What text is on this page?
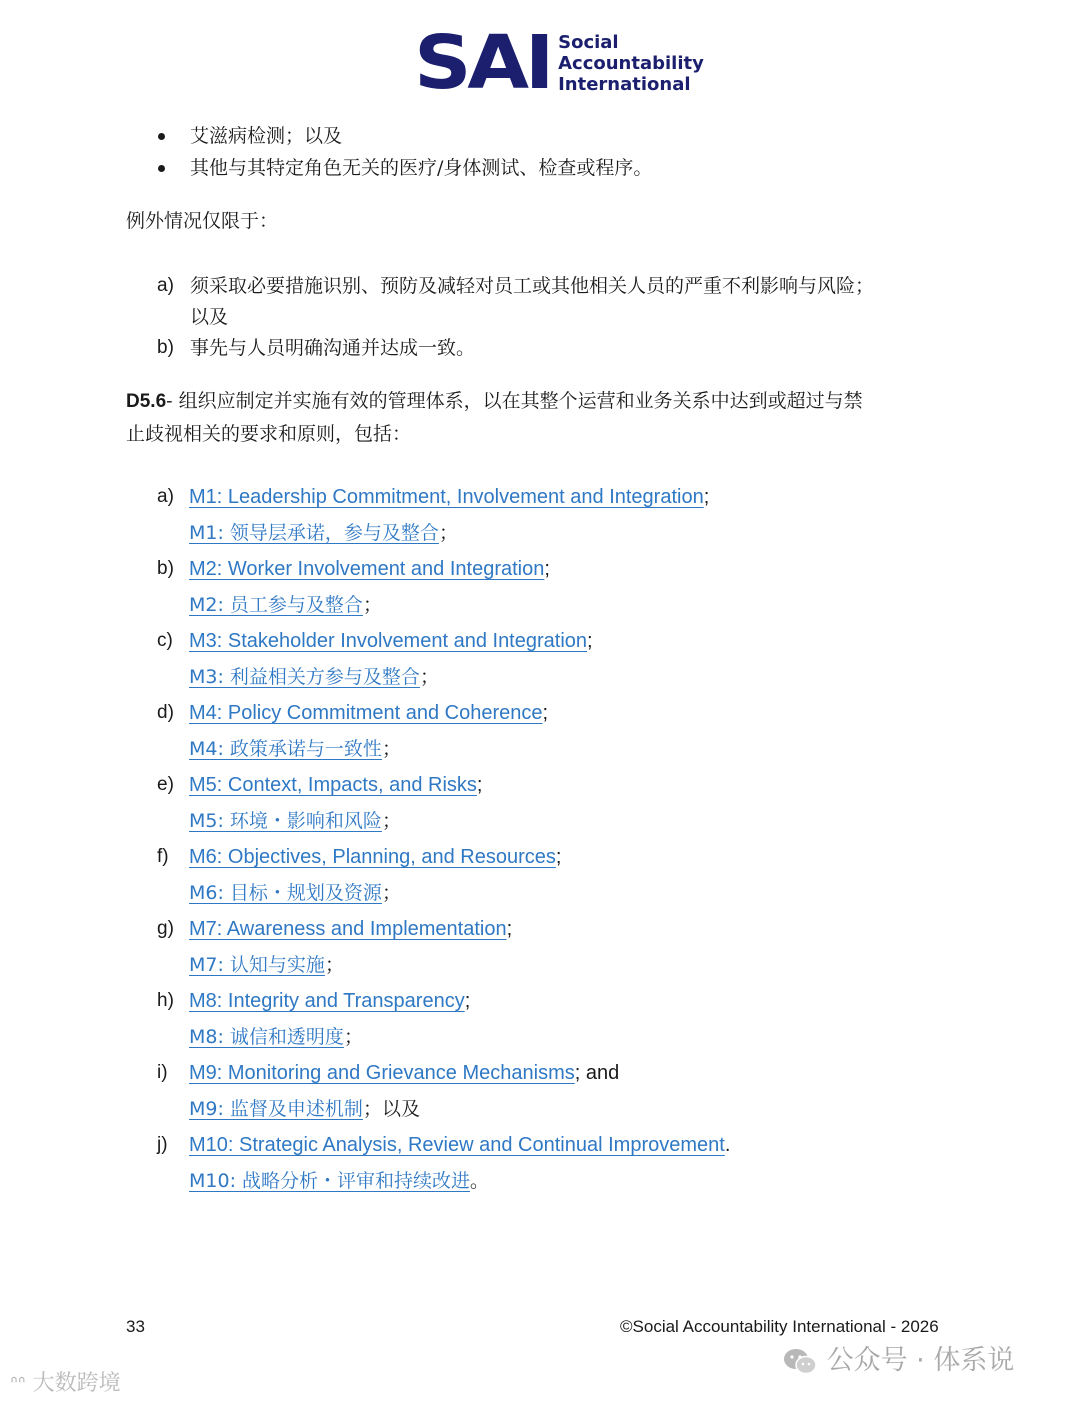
SAI Social
Accountability
International
艾滋病检测；以及
其他与其特定角色无关的医疗/身体测试、检查或程序。
例外情况仅限于：
a) 须采取必要措施识别、预防及减轻对员工或其他相关人员的严重不利影响与风险；
以及
b) 事先与人员明确沟通并达成一致。
D5.6- 组织应制定并实施有效的管理体系，以在其整个运营和业务关系中达到或超过与禁
止歧视相关的要求和原则，包括：
a) M1: Leadership Commitment, Involvement and Integration;
M1: 领导层承诺，参与及整合；
b) M2: Worker Involvement and Integration;
M2: 员工参与及整合；
c) M3: Stakeholder Involvement and Integration;
M3: 利益相关方参与及整合；
d) M4: Policy Commitment and Coherence;
M4: 政策承诺与一致性；
e) M5: Context, Impacts, and Risks;
M5: 环境・影响和风险；
f) M6: Objectives, Planning, and Resources;
M6: 目标・规划及资源；
g) M7: Awareness and Implementation;
M7: 认知与实施；
h) M8: Integrity and Transparency;
M8: 诚信和透明度；
i) M9: Monitoring and Grievance Mechanisms; and
M9: 监督及申述机制；以及
j) M10: Strategic Analysis, Review and Continual Improvement.
M10: 战略分析・评审和持续改进。
33	©Social Accountability International - 2026
ᐢᐢ 大数跨境
公众号 · 体系说
